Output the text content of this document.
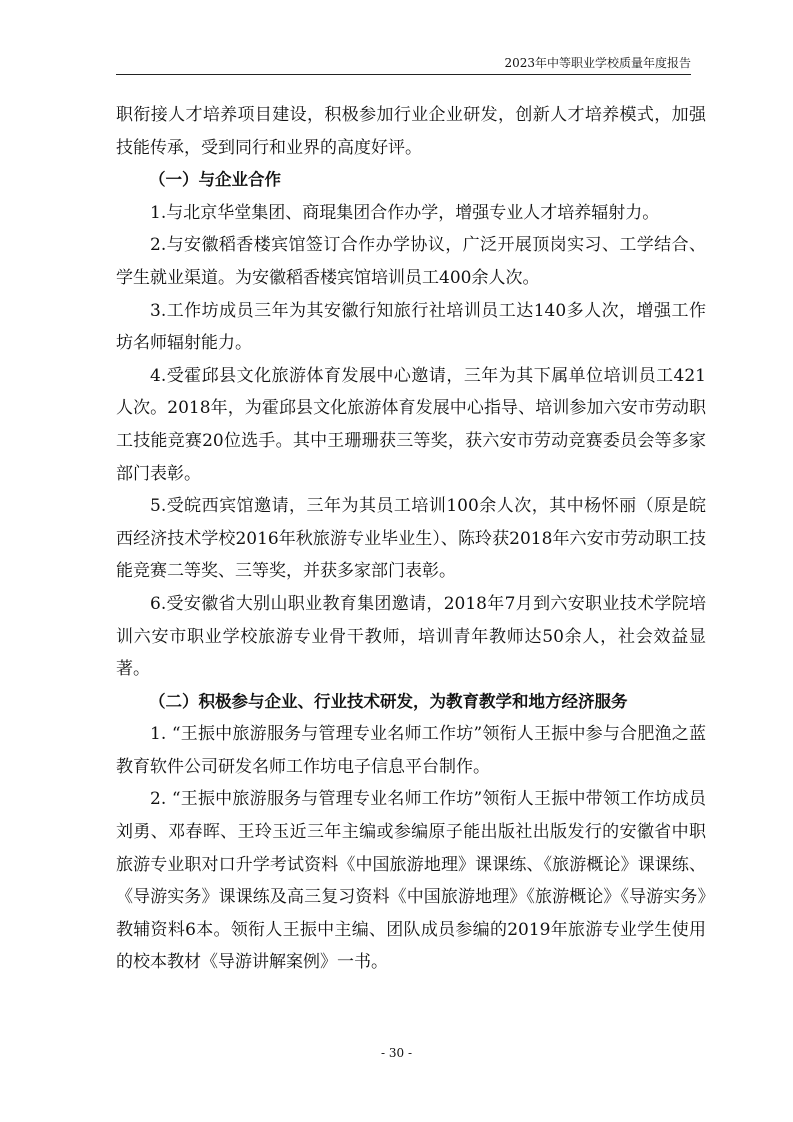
2023年中等职业学校质量年度报告

职衔接人才培养项目建设，积极参加行业企业研发，创新人才培养模式，加强技能传承，受到同行和业界的高度好评。

（一）与企业合作

1.与北京华堂集团、商琨集团合作办学，增强专业人才培养辐射力。

2.与安徽稻香楼宾馆签订合作办学协议，广泛开展顶岗实习、工学结合、学生就业渠道。为安徽稻香楼宾馆培训员工400余人次。

3.工作坊成员三年为其安徽行知旅行社培训员工达140多人次，增强工作坊名师辐射能力。

4.受霍邱县文化旅游体育发展中心邀请，三年为其下属单位培训员工421人次。2018年，为霍邱县文化旅游体育发展中心指导、培训参加六安市劳动职工技能竞赛20位选手。其中王珊珊获三等奖，获六安市劳动竞赛委员会等多家部门表彰。

5.受皖西宾馆邀请，三年为其员工培训100余人次，其中杨怀丽（原是皖西经济技术学校2016年秋旅游专业毕业生）、陈玲获2018年六安市劳动职工技能竞赛二等奖、三等奖，并获多家部门表彰。

6.受安徽省大别山职业教育集团邀请，2018年7月到六安职业技术学院培训六安市职业学校旅游专业骨干教师，培训青年教师达50余人，社会效益显著。

（二）积极参与企业、行业技术研发，为教育教学和地方经济服务

1. “王振中旅游服务与管理专业名师工作坊”领衔人王振中参与合肥渔之蓝教育软件公司研发名师工作坊电子信息平台制作。

2. “王振中旅游服务与管理专业名师工作坊”领衔人王振中带领工作坊成员刘勇、邓春晖、王玲玉近三年主编或参编原子能出版社出版发行的安徽省中职旅游专业职对口升学考试资料《中国旅游地理》课课练、《旅游概论》课课练、《导游实务》课课练及高三复习资料《中国旅游地理》《旅游概论》《导游实务》教辅资料6本。领衔人王振中主编、团队成员参编的2019年旅游专业学生使用的校本教材《导游讲解案例》一书。

- 30 -
